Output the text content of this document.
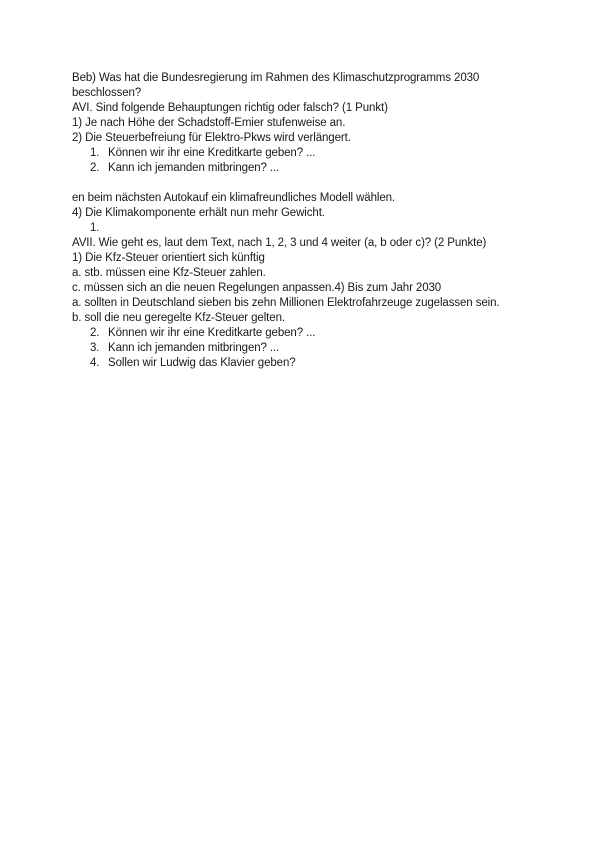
Beb) Was hat die Bundesregierung im Rahmen des Klimaschutzprogramms 2030

beschlossen?

AVI. Sind folgende Behauptungen richtig oder falsch? (1 Punkt)

1) Je nach Höhe der Schadstoff-Emier stufenweise an.

2) Die Steuerbefreiung für Elektro-Pkws wird verlängert.

1. Können wir ihr eine Kreditkarte geben? ...
2. Kann ich jemanden mitbringen? ...

en beim nächsten Autokauf ein klimafreundliches Modell wählen.

4) Die Klimakomponente erhält nun mehr Gewicht.

1.

AVII. Wie geht es, laut dem Text, nach 1, 2, 3 und 4 weiter (a, b oder c)? (2 Punkte)

1) Die Kfz-Steuer orientiert sich künftig

a. stb. müssen eine Kfz-Steuer zahlen.

c. müssen sich an die neuen Regelungen anpassen.4) Bis zum Jahr 2030

a. sollten in Deutschland sieben bis zehn Millionen Elektrofahrzeuge zugelassen sein.

b. soll die neu geregelte Kfz-Steuer gelten.

2. Können wir ihr eine Kreditkarte geben? ...
3. Kann ich jemanden mitbringen? ...
4. Sollen wir Ludwig das Klavier geben?
